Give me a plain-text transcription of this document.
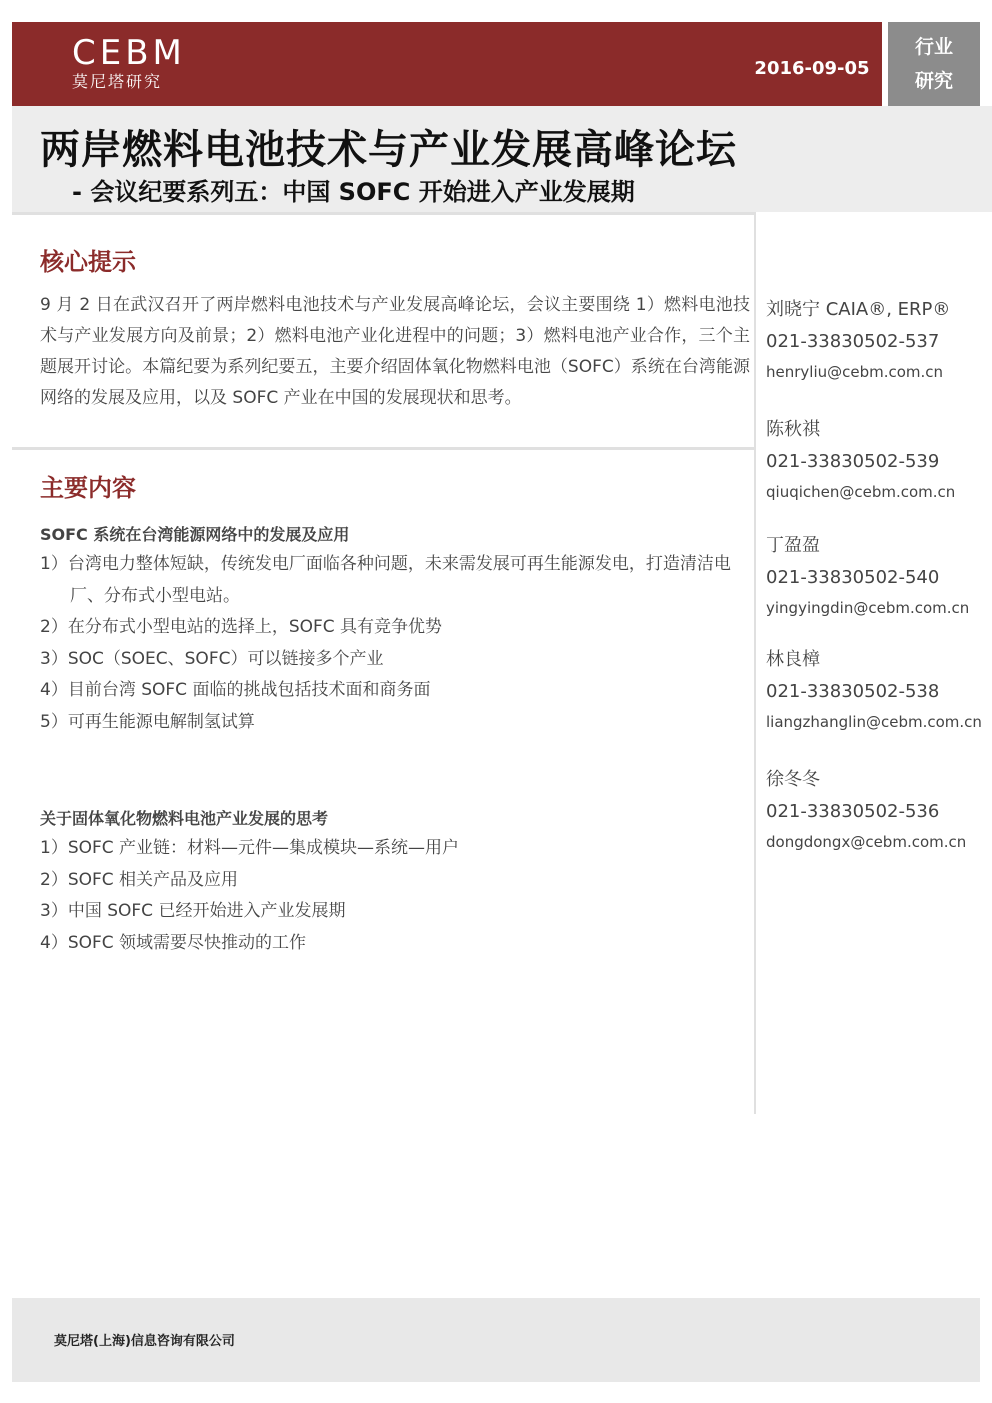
CEBM
莫尼塔研究
2016-09-05
行业
研究
两岸燃料电池技术与产业发展高峰论坛
- 会议纪要系列五：中国 SOFC 开始进入产业发展期
核心提示
9 月 2 日在武汉召开了两岸燃料电池技术与产业发展高峰论坛，会议主要围绕 1）燃料电池技术与产业发展方向及前景；2）燃料电池产业化进程中的问题；3）燃料电池产业合作，三个主题展开讨论。本篇纪要为系列纪要五，主要介绍固体氧化物燃料电池（SOFC）系统在台湾能源网络的发展及应用，以及 SOFC 产业在中国的发展现状和思考。
主要内容
SOFC 系统在台湾能源网络中的发展及应用
1）台湾电力整体短缺，传统发电厂面临各种问题，未来需发展可再生能源发电，打造清洁电厂、分布式小型电站。
2）在分布式小型电站的选择上，SOFC 具有竞争优势
3）SOC（SOEC、SOFC）可以链接多个产业
4）目前台湾 SOFC 面临的挑战包括技术面和商务面
5）可再生能源电解制氢试算
关于固体氧化物燃料电池产业发展的思考
1）SOFC 产业链：材料—元件—集成模块—系统—用户
2）SOFC 相关产品及应用
3）中国 SOFC 已经开始进入产业发展期
4）SOFC 领域需要尽快推动的工作
刘晓宁 CAIA®, ERP®
021-33830502-537
henryliu@cebm.com.cn
陈秋祺
021-33830502-539
qiuqichen@cebm.com.cn
丁盈盈
021-33830502-540
yingyingdin@cebm.com.cn
林良樟
021-33830502-538
liangzhanglin@cebm.com.cn
徐冬冬
021-33830502-536
dongdongx@cebm.com.cn
莫尼塔(上海)信息咨询有限公司
